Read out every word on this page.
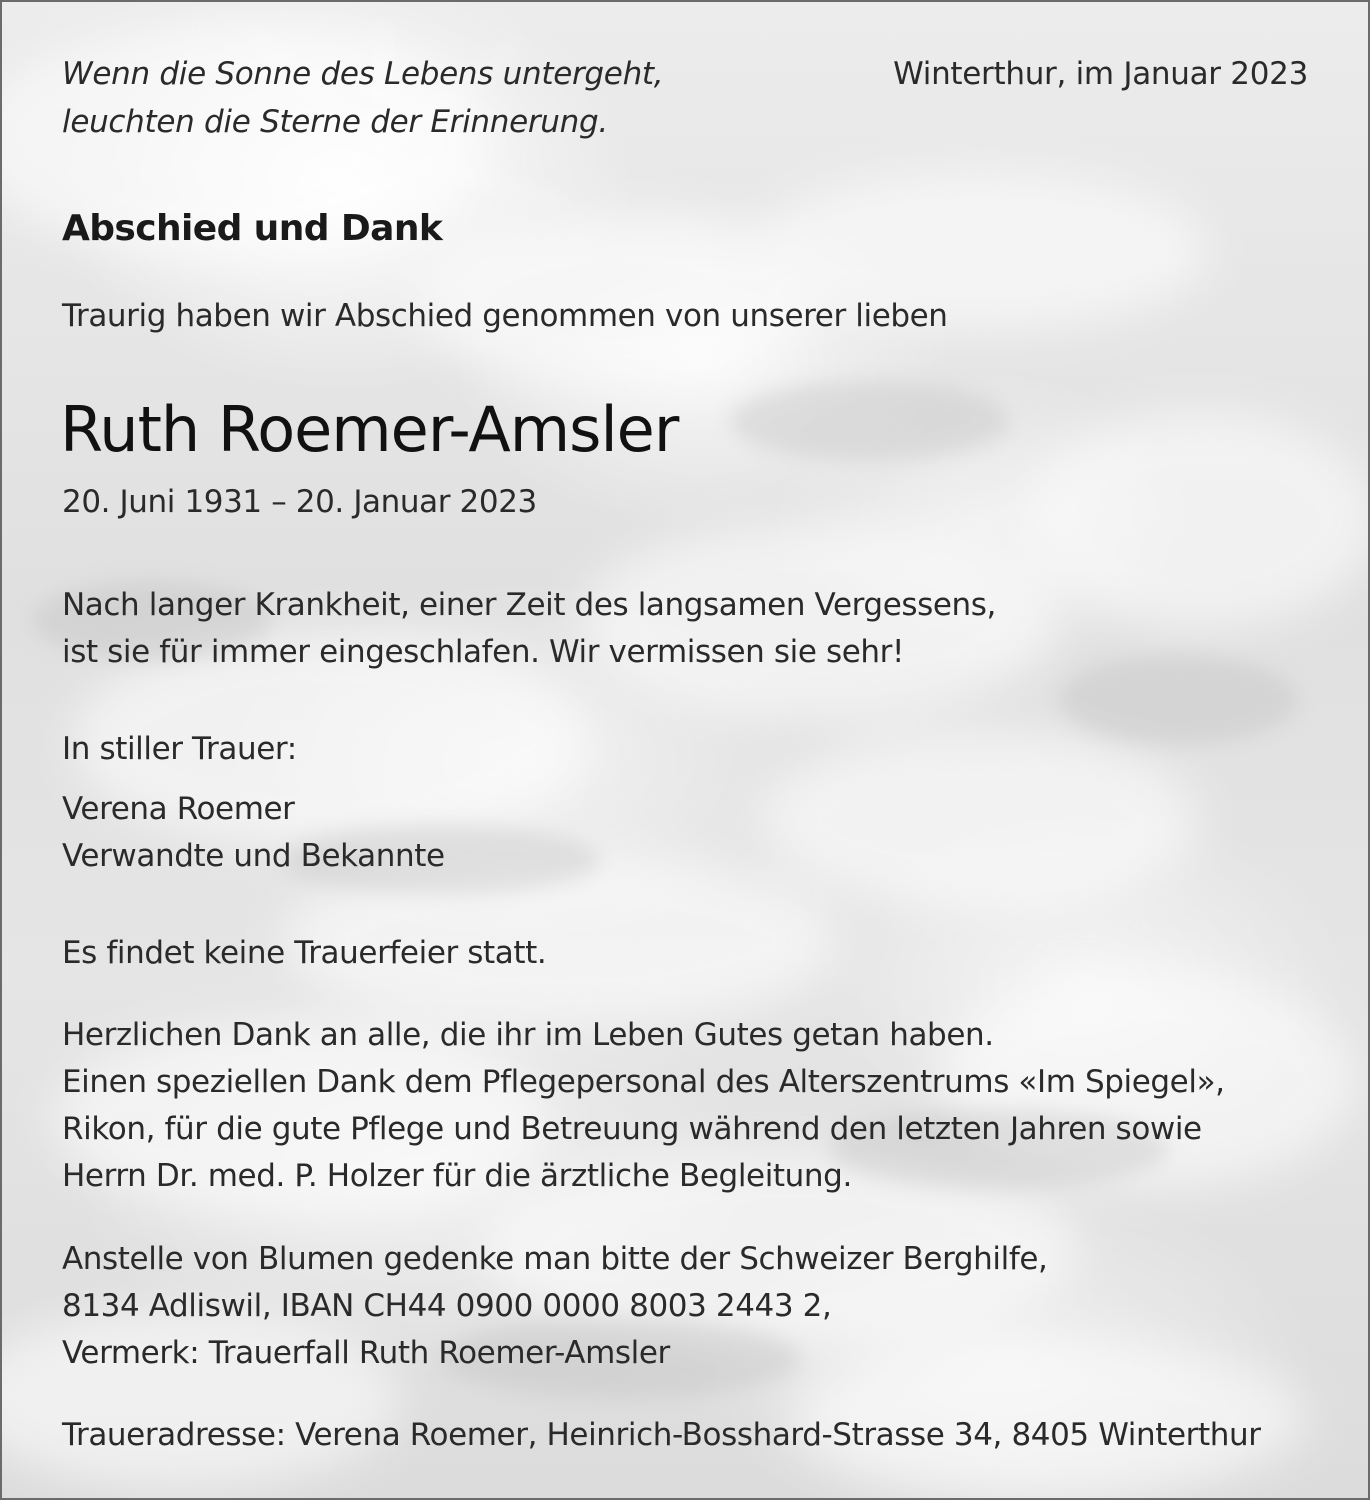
Wenn die Sonne des Lebens untergeht,
leuchten die Sterne der Erinnerung.

Winterthur, im Januar 2023

Abschied und Dank

Traurig haben wir Abschied genommen von unserer lieben

Ruth Roemer-Amsler

20. Juni 1931 – 20. Januar 2023

Nach langer Krankheit, einer Zeit des langsamen Vergessens,
ist sie für immer eingeschlafen. Wir vermissen sie sehr!

In stiller Trauer:

Verena Roemer
Verwandte und Bekannte

Es findet keine Trauerfeier statt.

Herzlichen Dank an alle, die ihr im Leben Gutes getan haben.
Einen speziellen Dank dem Pflegepersonal des Alterszentrums «Im Spiegel»,
Rikon, für die gute Pflege und Betreuung während den letzten Jahren sowie
Herrn Dr. med. P. Holzer für die ärztliche Begleitung.

Anstelle von Blumen gedenke man bitte der Schweizer Berghilfe,
8134 Adliswil, IBAN CH44 0900 0000 8003 2443 2,
Vermerk: Trauerfall Ruth Roemer-Amsler

Traueradresse: Verena Roemer, Heinrich-Bosshard-Strasse 34, 8405 Winterthur
